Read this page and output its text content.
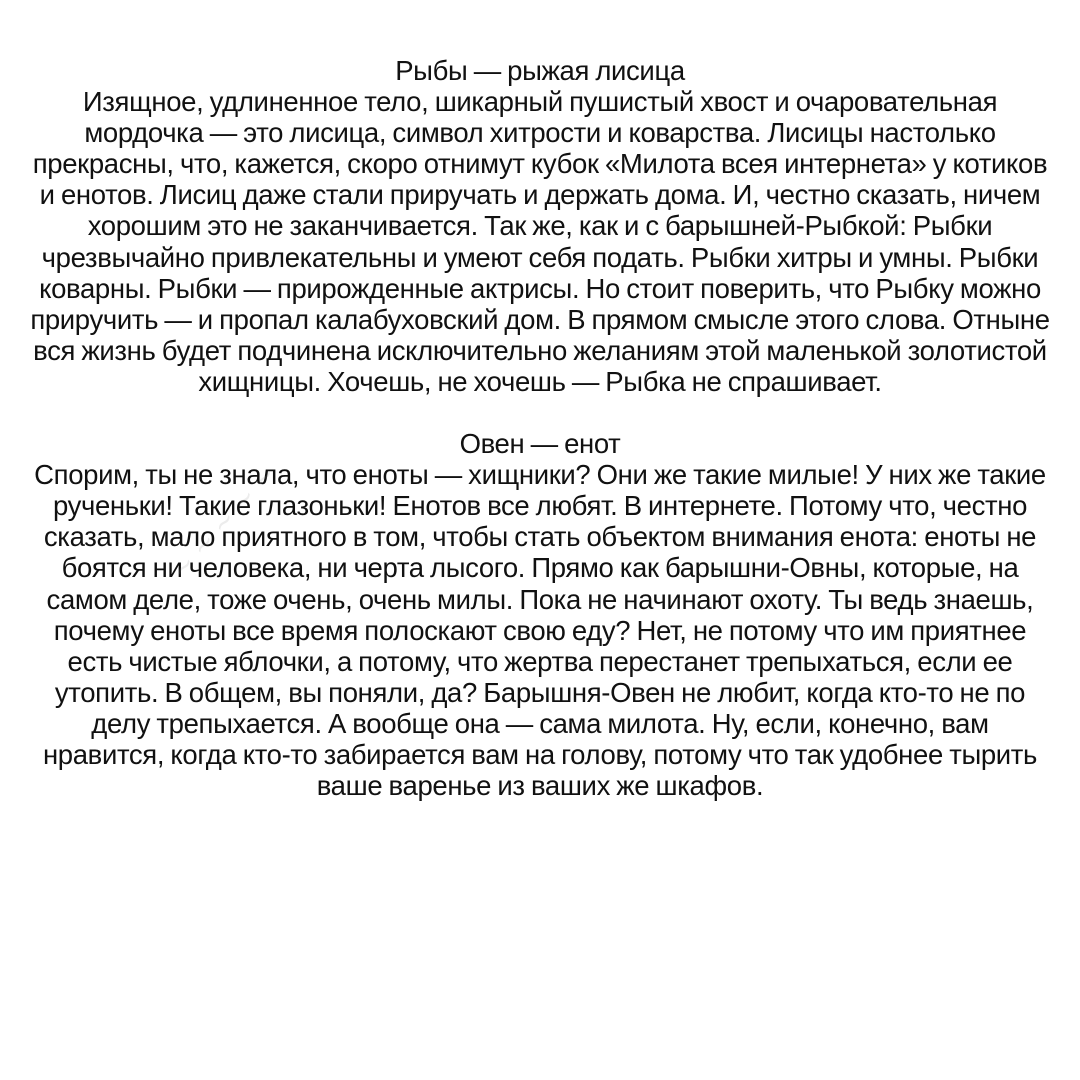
Рыбы — рыжая лисица
Изящное, удлиненное тело, шикарный пушистый хвост и очаровательная мордочка — это лисица, символ хитрости и коварства. Лисицы настолько прекрасны, что, кажется, скоро отнимут кубок «Милота всея интернета» у котиков и енотов. Лисиц даже стали приручать и держать дома. И, честно сказать, ничем хорошим это не заканчивается. Так же, как и с барышней-Рыбкой: Рыбки чрезвычайно привлекательны и умеют себя подать. Рыбки хитры и умны. Рыбки коварны. Рыбки — прирожденные актрисы. Но стоит поверить, что Рыбку можно приручить — и пропал калабуховский дом. В прямом смысле этого слова. Отныне вся жизнь будет подчинена исключительно желаниям этой маленькой золотистой хищницы. Хочешь, не хочешь — Рыбка не спрашивает.
Овен — енот
Спорим, ты не знала, что еноты — хищники? Они же такие милые! У них же такие рученьки! Такие глазоньки! Енотов все любят. В интернете. Потому что, честно сказать, мало приятного в том, чтобы стать объектом внимания енота: еноты не боятся ни человека, ни черта лысого. Прямо как барышни-Овны, которые, на самом деле, тоже очень, очень милы. Пока не начинают охоту. Ты ведь знаешь, почему еноты все время полоскают свою еду? Нет, не потому что им приятнее есть чистые яблочки, а потому, что жертва перестанет трепыхаться, если ее утопить. В общем, вы поняли, да? Барышня-Овен не любит, когда кто-то не по делу трепыхается. А вообще она — сама милота. Ну, если, конечно, вам нравится, когда кто-то забирается вам на голову, потому что так удобнее тырить ваше варенье из ваших же шкафов.
~ ~ ~ ~ ~
